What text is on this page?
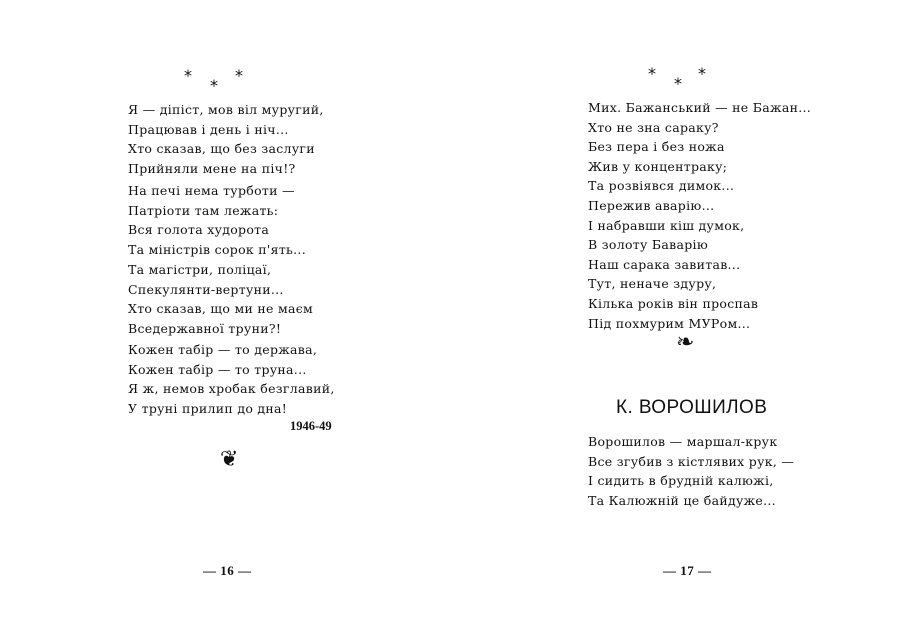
*
*
*
Я — дiпiст, мов вiл муругий,
Працював i день i нiч...
Хто сказав, що без заслуги
Прийняли мене на пiч!?
На печi нема турботи —
Патрiоти там лежать:
Вся голота худорота
Та мiнiстрiв сорок п'ять...
Та магiстри, полiцаї,
Спекулянти-вертуни...
Хто сказав, що ми не маєм
Вседержавної труни?!
Кожен табiр — то держава,
Кожен табiр — то труна...
Я ж, немов хробак безглавий,
У трунi прилип до дна!
1946-49
❦
— 16 —
*
*
*
Мих. Бажанський — не Бажан...
Хто не зна сараку?
Без пера i без ножа
Жив у концентраку;
Та розвiявся димок...
Пережив аварiю...
I набравши кiш думок,
В золоту Баварiю
Наш сарака завитав...
Тут, неначе здуру,
Кiлька рокiв вiн проспав
Пiд похмурим МУРом...
❧
К. ВОРОШИЛОВ
Ворошилов — маршал-крук
Все згубив з кiстлявих рук, —
I сидить в бруднiй калюжi,
Та Калюжнiй це байдуже...
— 17 —
